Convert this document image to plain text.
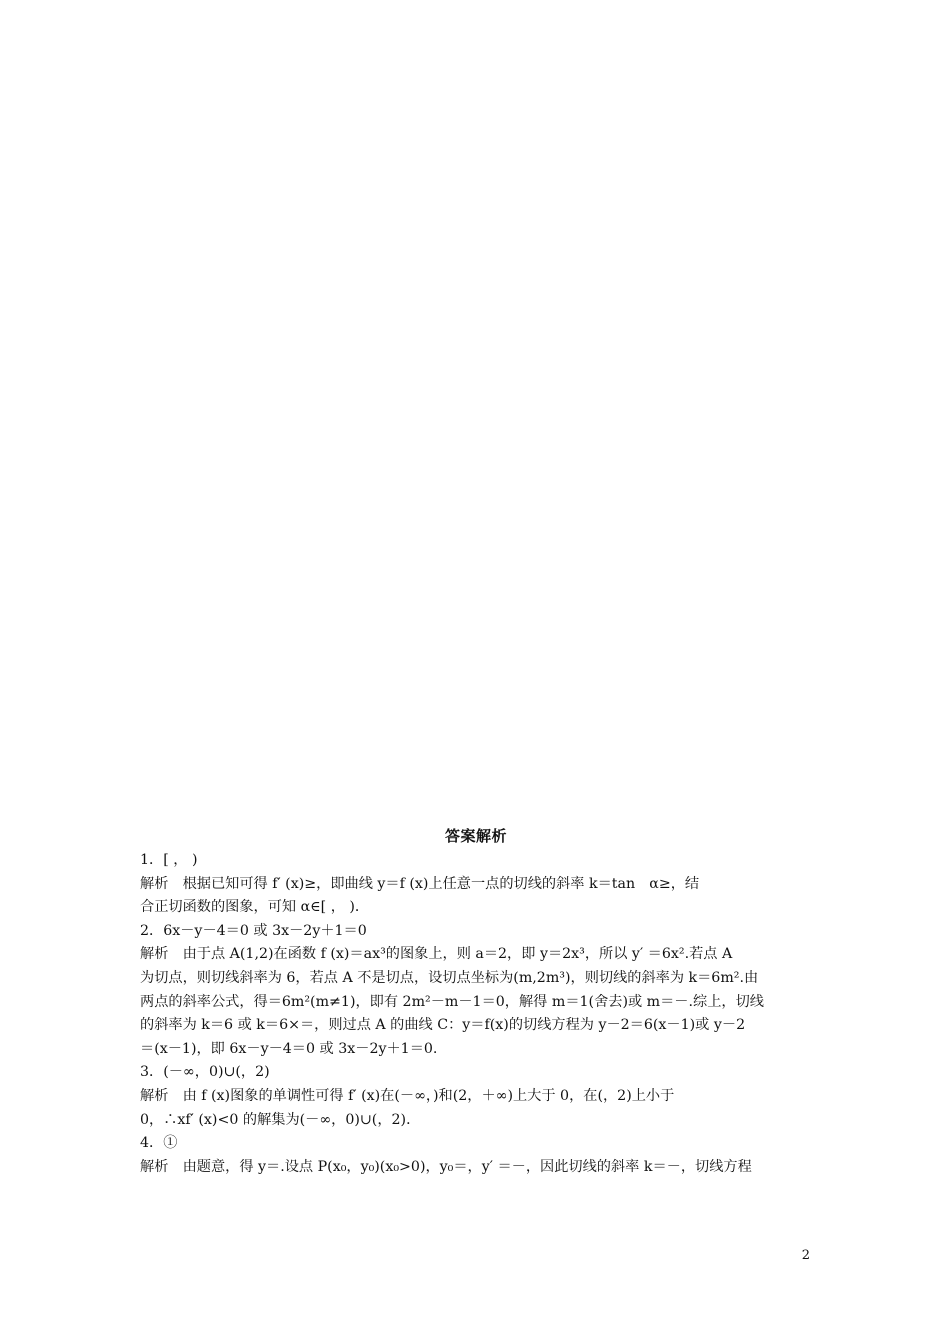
答案解析
1．[ ， )
解析　根据已知可得 f′ (x)≥，即曲线 y＝f (x)上任意一点的切线的斜率 k＝tan　α≥，结
合正切函数的图象，可知 α∈[ ， )．
2．6x－y－4＝0 或 3x－2y＋1＝0
解析　由于点 A(1,2)在函数 f (x)＝ax³的图象上，则 a＝2，即 y＝2x³，所以 y′ ＝6x².若点 A
为切点，则切线斜率为 6，若点 A 不是切点，设切点坐标为(m,2m³)，则切线的斜率为 k＝6m².由
两点的斜率公式，得＝6m²(m≠1)，即有 2m²－m－1＝0，解得 m＝1(舍去)或 m＝－.综上，切线
的斜率为 k＝6 或 k＝6×＝，则过点 A 的曲线 C：y＝f(x)的切线方程为 y－2＝6(x－1)或 y－2
＝(x－1)，即 6x－y－4＝0 或 3x－2y＋1＝0.
3．(－∞，0)∪(，2)
解析　由 f (x)图象的单调性可得 f′ (x)在(－∞，)和(2，＋∞)上大于 0，在(，2)上小于
0，∴xf′ (x)<0 的解集为(－∞，0)∪(，2)．
4．①
解析　由题意，得 y＝.设点 P(x₀，y₀)(x₀>0)，y₀＝，y′ ＝－，因此切线的斜率 k＝－，切线方程
2
